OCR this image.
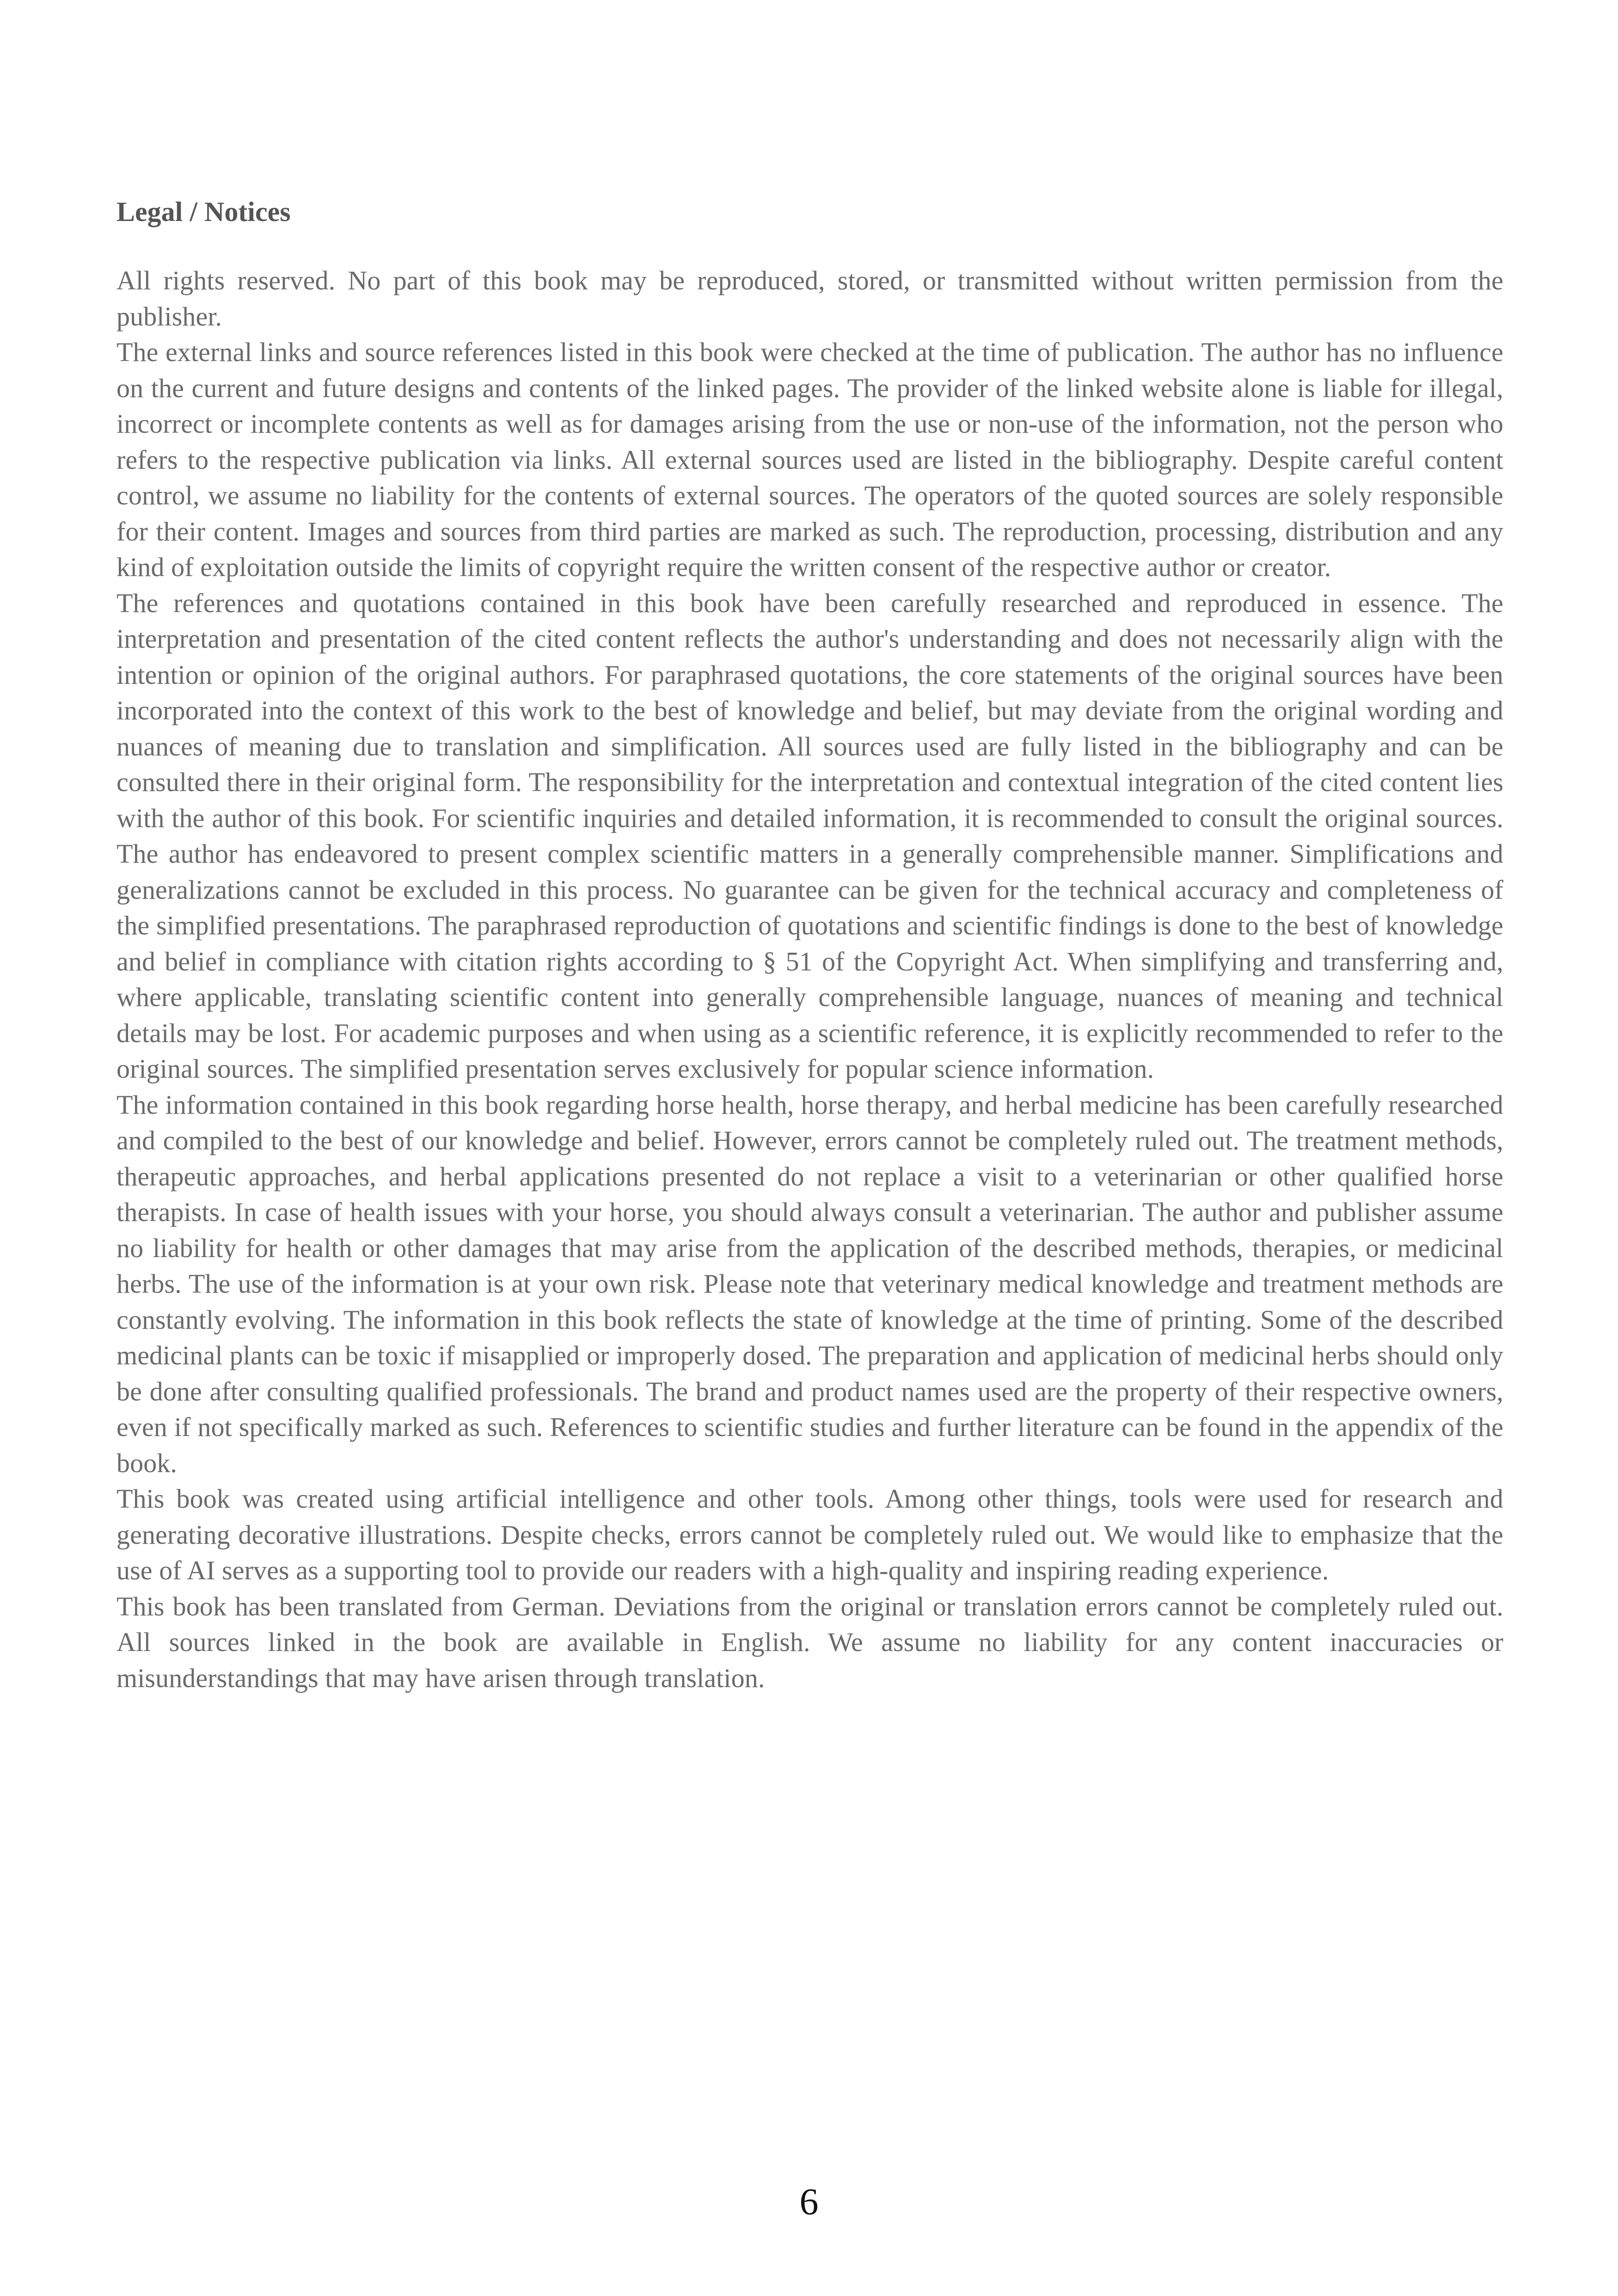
Legal / Notices

All rights reserved. No part of this book may be reproduced, stored, or transmitted without written permission from the publisher.

The external links and source references listed in this book were checked at the time of publication. The author has no influence on the current and future designs and contents of the linked pages. The provider of the linked website alone is liable for illegal, incorrect or incomplete contents as well as for damages arising from the use or non-use of the information, not the person who refers to the respective publication via links. All external sources used are listed in the bibliography. Despite careful content control, we assume no liability for the contents of external sources. The operators of the quoted sources are solely responsible for their content. Images and sources from third parties are marked as such. The reproduction, processing, distribution and any kind of exploitation outside the limits of copyright require the written consent of the respective author or creator.

The references and quotations contained in this book have been carefully researched and reproduced in essence. The interpretation and presentation of the cited content reflects the author's understanding and does not necessarily align with the intention or opinion of the original authors. For paraphrased quotations, the core statements of the original sources have been incorporated into the context of this work to the best of knowledge and belief, but may deviate from the original wording and nuances of meaning due to translation and simplification. All sources used are fully listed in the bibliography and can be consulted there in their original form. The responsibility for the interpretation and contextual integration of the cited content lies with the author of this book. For scientific inquiries and detailed information, it is recommended to consult the original sources. The author has endeavored to present complex scientific matters in a generally comprehensible manner. Simplifications and generalizations cannot be excluded in this process. No guarantee can be given for the technical accuracy and completeness of the simplified presentations. The paraphrased reproduction of quotations and scientific findings is done to the best of knowledge and belief in compliance with citation rights according to § 51 of the Copyright Act. When simplifying and transferring and, where applicable, translating scientific content into generally comprehensible language, nuances of meaning and technical details may be lost. For academic purposes and when using as a scientific reference, it is explicitly recommended to refer to the original sources. The simplified presentation serves exclusively for popular science information.

The information contained in this book regarding horse health, horse therapy, and herbal medicine has been carefully researched and compiled to the best of our knowledge and belief. However, errors cannot be completely ruled out. The treatment methods, therapeutic approaches, and herbal applications presented do not replace a visit to a veterinarian or other qualified horse therapists. In case of health issues with your horse, you should always consult a veterinarian. The author and publisher assume no liability for health or other damages that may arise from the application of the described methods, therapies, or medicinal herbs. The use of the information is at your own risk. Please note that veterinary medical knowledge and treatment methods are constantly evolving. The information in this book reflects the state of knowledge at the time of printing. Some of the described medicinal plants can be toxic if misapplied or improperly dosed. The preparation and application of medicinal herbs should only be done after consulting qualified professionals. The brand and product names used are the property of their respective owners, even if not specifically marked as such. References to scientific studies and further literature can be found in the appendix of the book.

This book was created using artificial intelligence and other tools. Among other things, tools were used for research and generating decorative illustrations. Despite checks, errors cannot be completely ruled out. We would like to emphasize that the use of AI serves as a supporting tool to provide our readers with a high-quality and inspiring reading experience.

This book has been translated from German. Deviations from the original or translation errors cannot be completely ruled out. All sources linked in the book are available in English. We assume no liability for any content inaccuracies or misunderstandings that may have arisen through translation.

6
